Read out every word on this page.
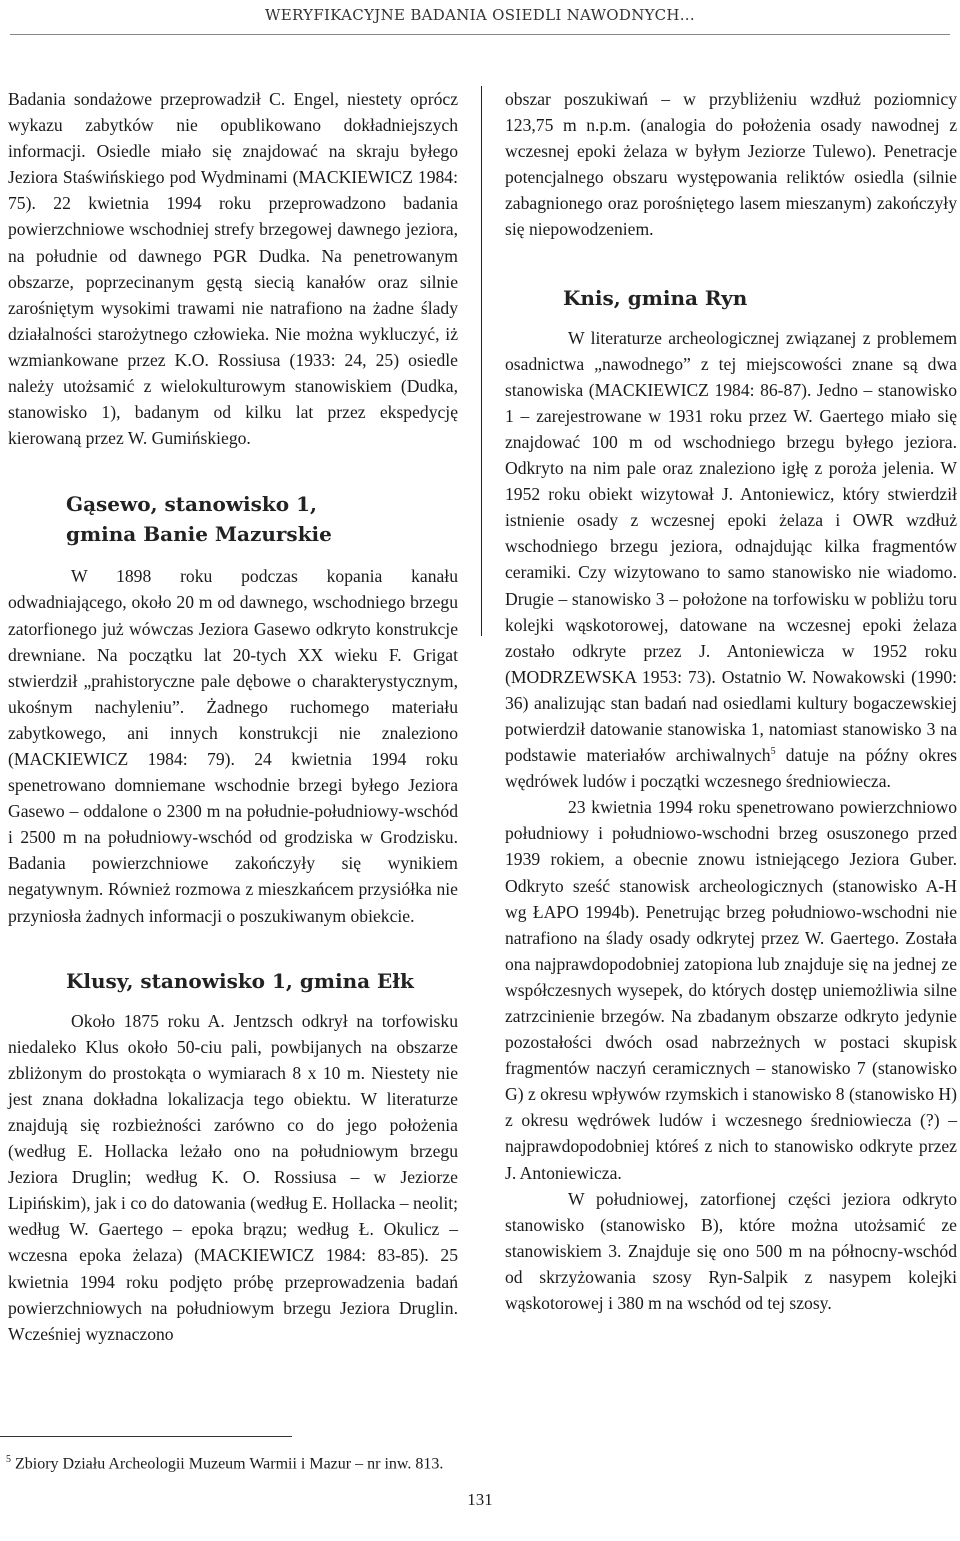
WERYFIKACYJNE BADANIA OSIEDLI NAWODNYCH...

Badania sondażowe przeprowadził C. Engel, niestety oprócz wykazu zabytków nie opublikowano dokładniejszych informacji. Osiedle miało się znajdować na skraju byłego Jeziora Staświńskiego pod Wydminami (MACKIEWICZ 1984: 75). 22 kwietnia 1994 roku przeprowadzono badania powierzchniowe wschodniej strefy brzegowej dawnego jeziora, na południe od dawnego PGR Dudka. Na penetrowanym obszarze, poprzecinanym gęstą siecią kanałów oraz silnie zarośniętym wysokimi trawami nie natrafiono na żadne ślady działalności starożytnego człowieka. Nie można wykluczyć, iż wzmiankowane przez K.O. Rossiusa (1933: 24, 25) osiedle należy utożsamić z wielokulturowym stanowiskiem (Dudka, stanowisko 1), badanym od kilku lat przez ekspedycję kierowaną przez W. Gumińskiego.

Gąsewo, stanowisko 1,
gmina Banie Mazurskie

W 1898 roku podczas kopania kanału odwadniającego, około 20 m od dawnego, wschodniego brzegu zatorfionego już wówczas Jeziora Gasewo odkryto konstrukcje drewniane. Na początku lat 20-tych XX wieku F. Grigat stwierdził „prahistoryczne pale dębowe o charakterystycznym, ukośnym nachyleniu”. Żadnego ruchomego materiału zabytkowego, ani innych konstrukcji nie znaleziono (MACKIEWICZ 1984: 79). 24 kwietnia 1994 roku spenetrowano domniemane wschodnie brzegi byłego Jeziora Gasewo – oddalone o 2300 m na południe-południowy-wschód i 2500 m na południowy-wschód od grodziska w Grodzisku. Badania powierzchniowe zakończyły się wynikiem negatywnym. Również rozmowa z mieszkańcem przysiółka nie przyniosła żadnych informacji o poszukiwanym obiekcie.

Klusy, stanowisko 1, gmina Ełk

Około 1875 roku A. Jentzsch odkrył na torfowisku niedaleko Klus około 50-ciu pali, powbijanych na obszarze zbliżonym do prostokąta o wymiarach 8 x 10 m. Niestety nie jest znana dokładna lokalizacja tego obiektu. W literaturze znajdują się rozbieżności zarówno co do jego położenia (według E. Hollacka leżało ono na południowym brzegu Jeziora Druglin; według K. O. Rossiusa – w Jeziorze Lipińskim), jak i co do datowania (według E. Hollacka – neolit; według W. Gaertego – epoka brązu; według Ł. Okulicz – wczesna epoka żelaza) (MACKIEWICZ 1984: 83-85). 25 kwietnia 1994 roku podjęto próbę przeprowadzenia badań powierzchniowych na południowym brzegu Jeziora Druglin. Wcześniej wyznaczono

obszar poszukiwań – w przybliżeniu wzdłuż poziomnicy 123,75 m n.p.m. (analogia do położenia osady nawodnej z wczesnej epoki żelaza w byłym Jeziorze Tulewo). Penetracje potencjalnego obszaru występowania reliktów osiedla (silnie zabagnionego oraz porośniętego lasem mieszanym) zakończyły się niepowodzeniem.

Knis, gmina Ryn

W literaturze archeologicznej związanej z problemem osadnictwa „nawodnego” z tej miejscowości znane są dwa stanowiska (MACKIEWICZ 1984: 86-87). Jedno – stanowisko 1 – zarejestrowane w 1931 roku przez W. Gaertego miało się znajdować 100 m od wschodniego brzegu byłego jeziora. Odkryto na nim pale oraz znaleziono igłę z poroża jelenia. W 1952 roku obiekt wizytował J. Antoniewicz, który stwierdził istnienie osady z wczesnej epoki żelaza i OWR wzdłuż wschodniego brzegu jeziora, odnajdując kilka fragmentów ceramiki. Czy wizytowano to samo stanowisko nie wiadomo. Drugie – stanowisko 3 – położone na torfowisku w pobliżu toru kolejki wąskotorowej, datowane na wczesnej epoki żelaza zostało odkryte przez J. Antoniewicza w 1952 roku (MODRZEWSKA 1953: 73). Ostatnio W. Nowakowski (1990: 36) analizując stan badań nad osiedlami kultury bogaczewskiej potwierdził datowanie stanowiska 1, natomiast stanowisko 3 na podstawie materiałów archiwalnych$^5$ datuje na późny okres wędrówek ludów i początki wczesnego średniowiecza.

23 kwietnia 1994 roku spenetrowano powierzchniowo południowy i południowo-wschodni brzeg osuszonego przed 1939 rokiem, a obecnie znowu istniejącego Jeziora Guber. Odkryto sześć stanowisk archeologicznych (stanowisko A-H wg ŁAPO 1994b). Penetrując brzeg południowo-wschodni nie natrafiono na ślady osady odkrytej przez W. Gaertego. Została ona najprawdopodobniej zatopiona lub znajduje się na jednej ze współczesnych wysepek, do których dostęp uniemożliwia silne zatrzcinienie brzegów. Na zbadanym obszarze odkryto jedynie pozostałości dwóch osad nabrzeżnych w postaci skupisk fragmentów naczyń ceramicznych – stanowisko 7 (stanowisko G) z okresu wpływów rzymskich i stanowisko 8 (stanowisko H) z okresu wędrówek ludów i wczesnego średniowiecza (?) – najprawdopodobniej któreś z nich to stanowisko odkryte przez J. Antoniewicza.

W południowej, zatorfionej części jeziora odkryto stanowisko (stanowisko B), które można utożsamić ze stanowiskiem 3. Znajduje się ono 500 m na północny-wschód od skrzyżowania szosy Ryn-Salpik z nasypem kolejki wąskotorowej i 380 m na wschód od tej szosy.

$^5$ Zbiory Działu Archeologii Muzeum Warmii i Mazur – nr inw. 813.
131
